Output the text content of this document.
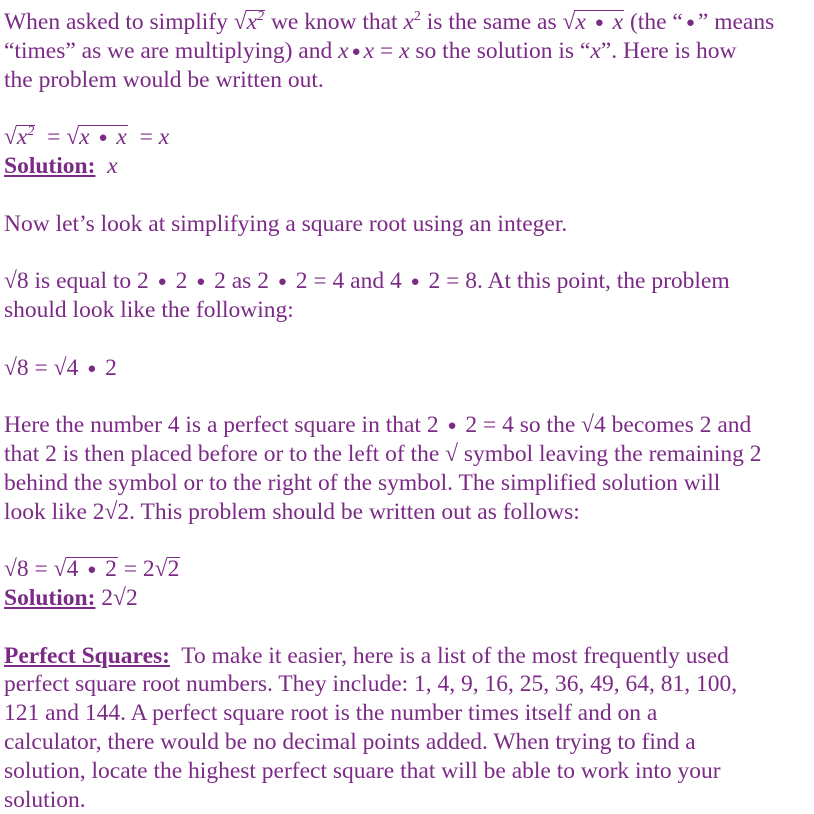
When asked to simplify $√x^2$ we know that $x^2$ is the same as √x ● x (the “ ● ” means
“times” as we are multiplying) and x ● x = x so the solution is “x”. Here is how
the problem would be written out.
$√x^2 = √x$ ● x  = x
Solution: x
Now let’s look at simplifying a square root using an integer.
√8 is equal to 2 ● 2 ● 2 as 2 ● 2 = 4 and 4 ● 2 = 8. At this point, the problem
should look like the following:
√8 = √4 ● 2
Here the number 4 is a perfect square in that 2 ● 2 = 4 so the √4 becomes 2 and
that 2 is then placed before or to the left of the √ symbol leaving the remaining 2
behind the symbol or to the right of the symbol. The simplified solution will
look like 2√2. This problem should be written out as follows:
√8 = √4 ● 2 = 2√2
Solution: 2√2
Perfect Squares:  To make it easier, here is a list of the most frequently used
perfect square root numbers. They include: 1, 4, 9, 16, 25, 36, 49, 64, 81, 100,
121 and 144. A perfect square root is the number times itself and on a
calculator, there would be no decimal points added. When trying to find a
solution, locate the highest perfect square that will be able to work into your
solution.
